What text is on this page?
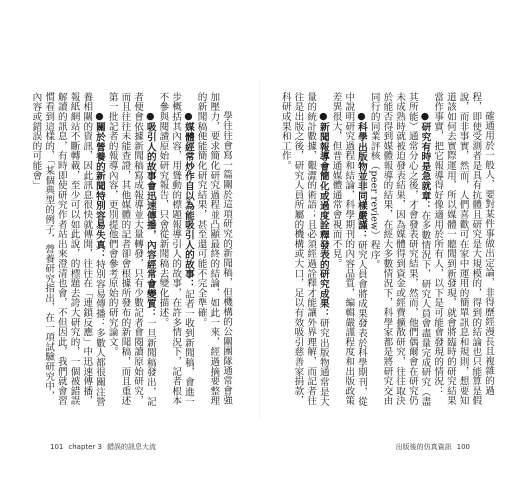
學往往會寫一篇關於這項研究的新聞稿，但機構的公關團隊通常會強加壓力，要求簡化研究過程並凸顯最終的結論，如此一來，經過摘要整理的新聞稿便能簡化研究結果，甚至還可能不完全準確。

●媒體經常炒作自以為能吸引人的故事：記者一收到新聞稿，會進一步概括其內容，用聳動的標題報導引人的故事，在許多情況下，記者根本不參與閱讀原始研究報告，只會從新聞稿去變化描述。

●吸引人的故事會迅速傳播，內容經常會變質：一旦新聞稿發出，記者便會依據新聞稿寫成報導並大量轉發，只有少數記者會閱讀原始研究，而且往往未能查證，其他媒體的記者卻會根據所發布的新聞稿，而且重述第一批記者的報導內容，更別提他們會參考原始的研究論文。

●關於營養的新聞特別容易失真：特別容易傳播：多數人都很關注營養相關的資訊，因此訊息很快就傳開，往往在「連鎖反應」中迅速傳播，報紙網站不斷轉載，至少可以如此說，的標題去誇大研究的，一個被錯誤解讀的訊息，有時即使研究作者站出來澄清也會，不但因此，我們就會習慣看到這樣的，「某個典型的例子，營養研究指出，在一項試驗研究中，內容或錯誤的可能會」

101 chapter 3 錯誤的訊息大流

確通用於一般人，要對某件事做出定論，非得歷經漫長且複雜的過程，即使受測者是具有抗體且研究是大規模的，得到的結論也只能算是假說，而非事實，然而，人們喜歡可在家中運用的簡單訊息和規則，想要知道該如何去實際運用，所以媒體一聽聞到新發現，就會將臨時的研究結果當作事實，把它報導得好像適用於所有人，以下是可能會發現的情況：

●研究有時是急就章：在多數情況下，研究人員會盡量完成研究（盡其所能）通常分心之後，才會發表研究結果，然而，他們偶爾會在研究仍未成熟時就被迫發表結果，因為媒體得到資金或經費擴散研究，往往取決於能否得到媒體報導的結果，在經大多數情況下，科學家都是將研究交由同行的同業評核（peer review）程序。

●科學出版物並非同樣嚴謹：研究人員會將成果發表於科學期刊，從中說明研究過程和結論，科學期刊的內容品質，編輯嚴謹程度和出版政策差異很大，但普通媒體通常會視而不見。

●新聞報導會簡化或過度詮釋發表的研究成果：研究出版物通常是大量的統計數據，艱澀的術語；且必須經過詮釋才能讓外界理解，而記者往往是出版之後，研究人員所屬的機構或大口，足以有效吸引慈善家捐款，科研成果和工作。

出版後的仿真資訊 100
